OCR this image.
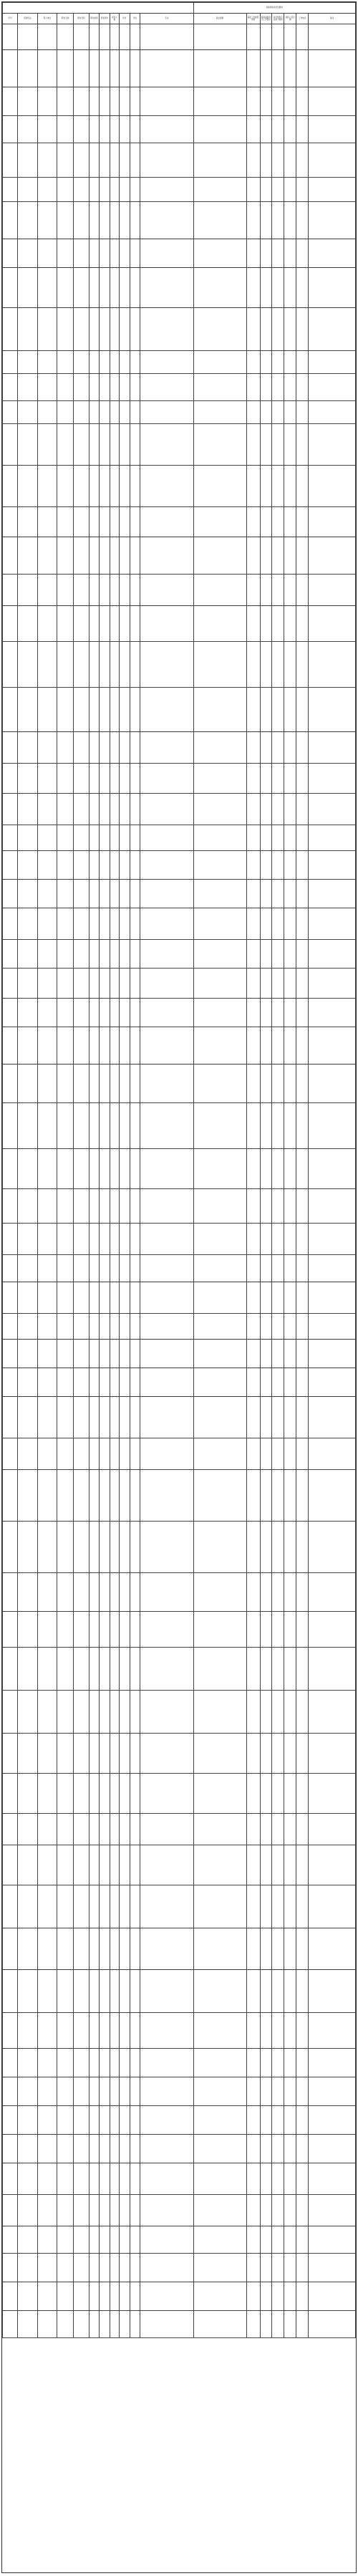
											其他资格条件及要求						
序号	招录机关	用人单位	职位名称	职位代码	职位类别	职位简介	招考人数	学历	学位	专业	政治面貌	基层工作最低年限	服务基层项目工作经历	是否组织专业能力测试	面试人员比例	工作地点	备注
